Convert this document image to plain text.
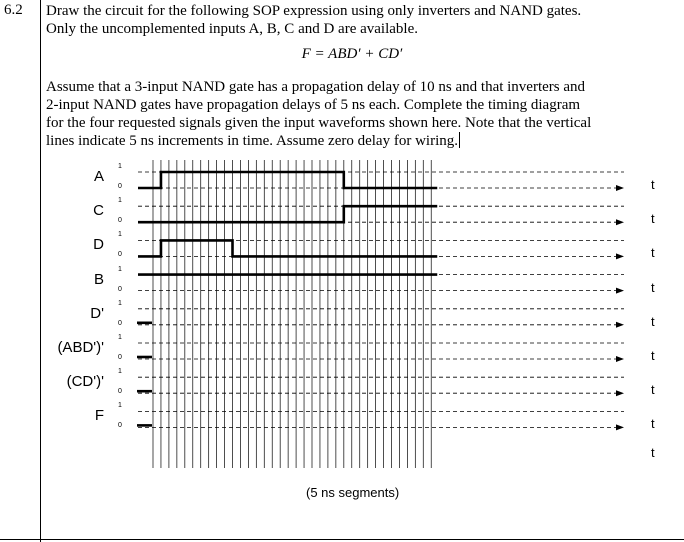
6.2 Draw the circuit for the following SOP expression using only inverters and NAND gates.
Only the uncomplemented inputs A, B, C and D are available.
F = ABD′ + CD′
Assume that a 3-input NAND gate has a propagation delay of 10 ns and that inverters and
2-input NAND gates have propagation delays of 5 ns each. Complete the timing diagram
for the four requested signals given the input waveforms shown here. Note that the vertical
lines indicate 5 ns increments in time. Assume zero delay for wiring.
A
1
0	t
C
1
0	t
D
1
0	t
B
1
0	t
D'
1
0	t
(ABD')'
1
0	t
(CD')'
1
0	t
F
1
0	t
t
(5 ns segments)
